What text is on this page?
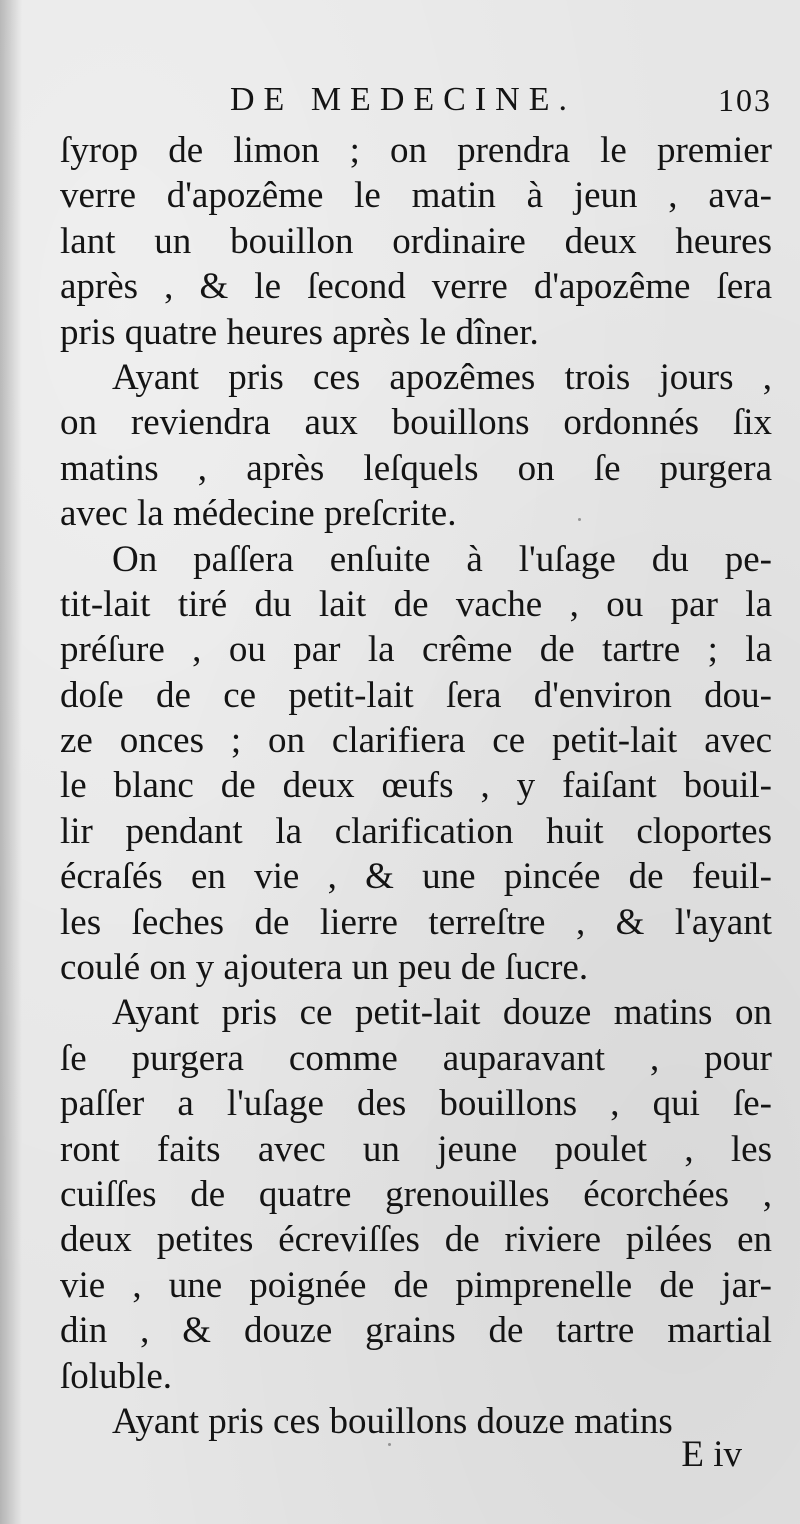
DE MEDECINE.	103
ſyrop de limon ; on prendra le premier
verre d'apozême le matin à jeun , ava-
lant un bouillon ordinaire deux heures
après , & le ſecond verre d'apozême ſera
pris quatre heures après le dîner.
Ayant pris ces apozêmes trois jours ,
on reviendra aux bouillons ordonnés ſix
matins , après leſquels on ſe purgera
avec la médecine preſcrite.
On paſſera enſuite à l'uſage du pe-
tit-lait tiré du lait de vache , ou par la
préſure , ou par la crême de tartre ; la
doſe de ce petit-lait ſera d'environ dou-
ze onces ; on clarifiera ce petit-lait avec
le blanc de deux œufs , y faiſant bouil-
lir pendant la clarification huit cloportes
écraſés en vie , & une pincée de feuil-
les ſeches de lierre terreſtre , & l'ayant
coulé on y ajoutera un peu de ſucre.
Ayant pris ce petit-lait douze matins on
ſe purgera comme auparavant , pour
paſſer a l'uſage des bouillons , qui ſe-
ront faits avec un jeune poulet , les
cuiſſes de quatre grenouilles écorchées ,
deux petites écreviſſes de riviere pilées en
vie , une poignée de pimprenelle de jar-
din , & douze grains de tartre martial
ſoluble.
Ayant pris ces bouillons douze matins
E iv
